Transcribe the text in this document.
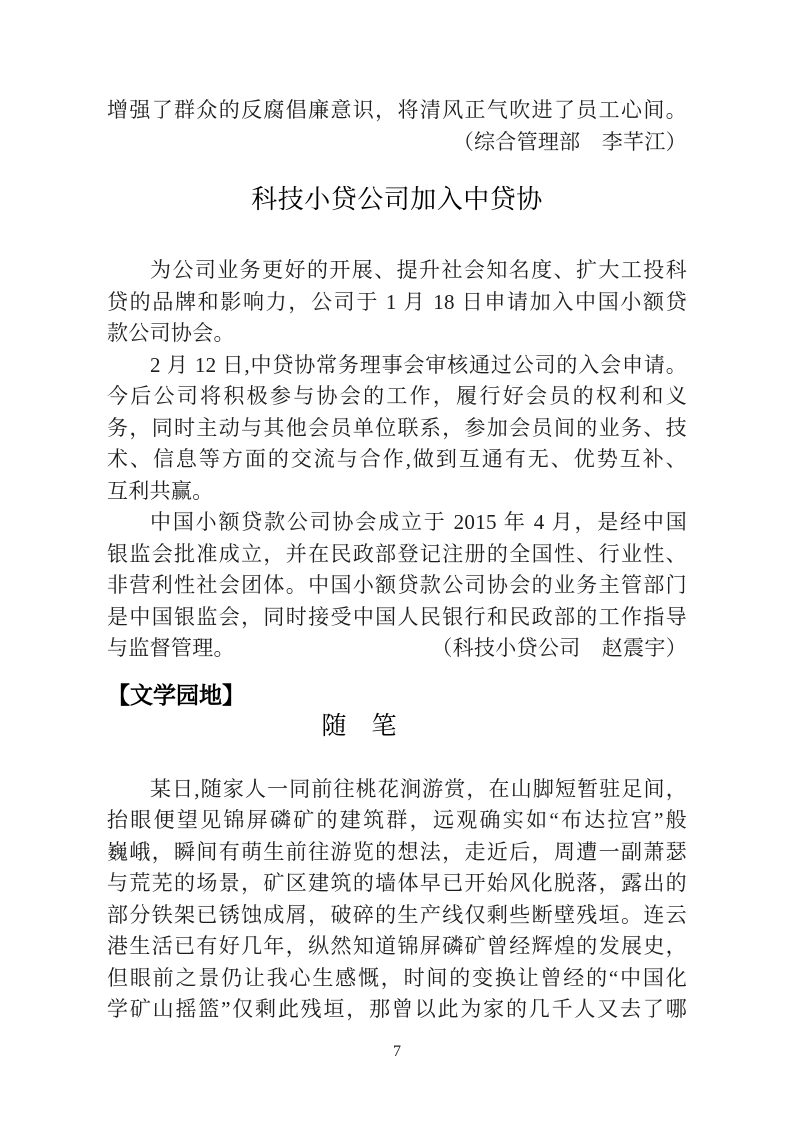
增强了群众的反腐倡廉意识，将清风正气吹进了员工心间。
（综合管理部　李芊江）
科技小贷公司加入中贷协
为公司业务更好的开展、提升社会知名度、扩大工投科
贷的品牌和影响力，公司于 1 月 18 日申请加入中国小额贷
款公司协会。
2 月 12 日,中贷协常务理事会审核通过公司的入会申请。
今后公司将积极参与协会的工作，履行好会员的权利和义
务，同时主动与其他会员单位联系，参加会员间的业务、技
术、信息等方面的交流与合作,做到互通有无、优势互补、
互利共赢。
中国小额贷款公司协会成立于 2015 年 4 月，是经中国
银监会批准成立，并在民政部登记注册的全国性、行业性、
非营利性社会团体。中国小额贷款公司协会的业务主管部门
是中国银监会，同时接受中国人民银行和民政部的工作指导
与监督管理。	（科技小贷公司　赵震宇）
【文学园地】
随　笔
某日,随家人一同前往桃花涧游赏，在山脚短暂驻足间，
抬眼便望见锦屏磷矿的建筑群，远观确实如“布达拉宫”般
巍峨，瞬间有萌生前往游览的想法，走近后，周遭一副萧瑟
与荒芜的场景，矿区建筑的墙体早已开始风化脱落，露出的
部分铁架已锈蚀成屑，破碎的生产线仅剩些断壁残垣。连云
港生活已有好几年，纵然知道锦屏磷矿曾经辉煌的发展史，
但眼前之景仍让我心生感慨，时间的变换让曾经的“中国化
学矿山摇篮”仅剩此残垣，那曾以此为家的几千人又去了哪
7
